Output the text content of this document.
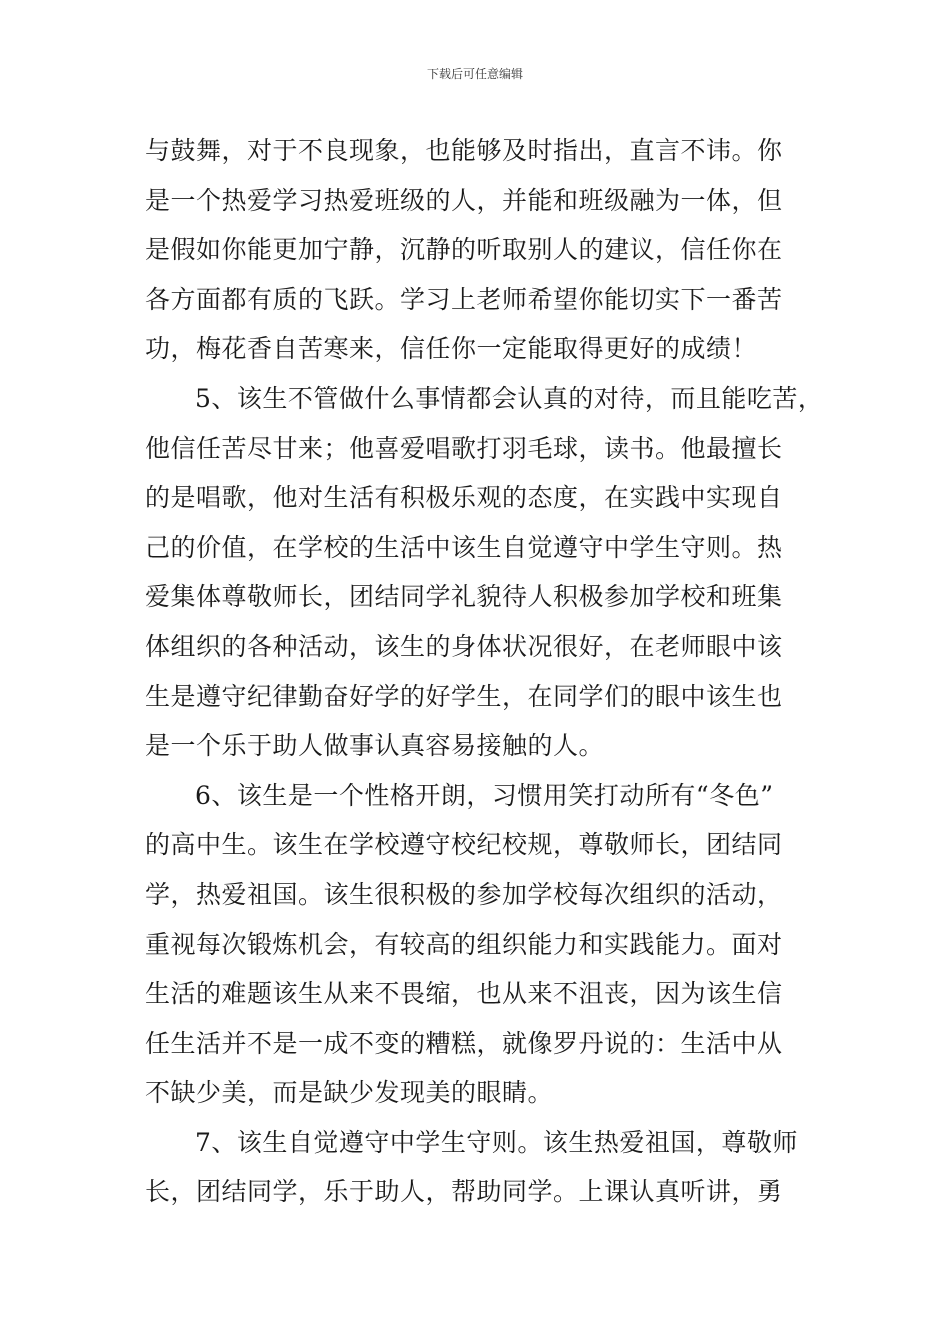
下载后可任意编辑
与鼓舞，对于不良现象，也能够及时指出，直言不讳。你
是一个热爱学习热爱班级的人，并能和班级融为一体，但
是假如你能更加宁静，沉静的听取别人的建议，信任你在
各方面都有质的飞跃。学习上老师希望你能切实下一番苦
功，梅花香自苦寒来，信任你一定能取得更好的成绩！
5、该生不管做什么事情都会认真的对待，而且能吃苦，
他信任苦尽甘来；他喜爱唱歌打羽毛球，读书。他最擅长
的是唱歌，他对生活有积极乐观的态度，在实践中实现自
己的价值，在学校的生活中该生自觉遵守中学生守则。热
爱集体尊敬师长，团结同学礼貌待人积极参加学校和班集
体组织的各种活动，该生的身体状况很好，在老师眼中该
生是遵守纪律勤奋好学的好学生，在同学们的眼中该生也
是一个乐于助人做事认真容易接触的人。
6、该生是一个性格开朗，习惯用笑打动所有“冬色”
的高中生。该生在学校遵守校纪校规，尊敬师长，团结同
学，热爱祖国。该生很积极的参加学校每次组织的活动，
重视每次锻炼机会，有较高的组织能力和实践能力。面对
生活的难题该生从来不畏缩，也从来不沮丧，因为该生信
任生活并不是一成不变的糟糕，就像罗丹说的：生活中从
不缺少美，而是缺少发现美的眼睛。
7、该生自觉遵守中学生守则。该生热爱祖国，尊敬师
长，团结同学，乐于助人，帮助同学。上课认真听讲，勇
